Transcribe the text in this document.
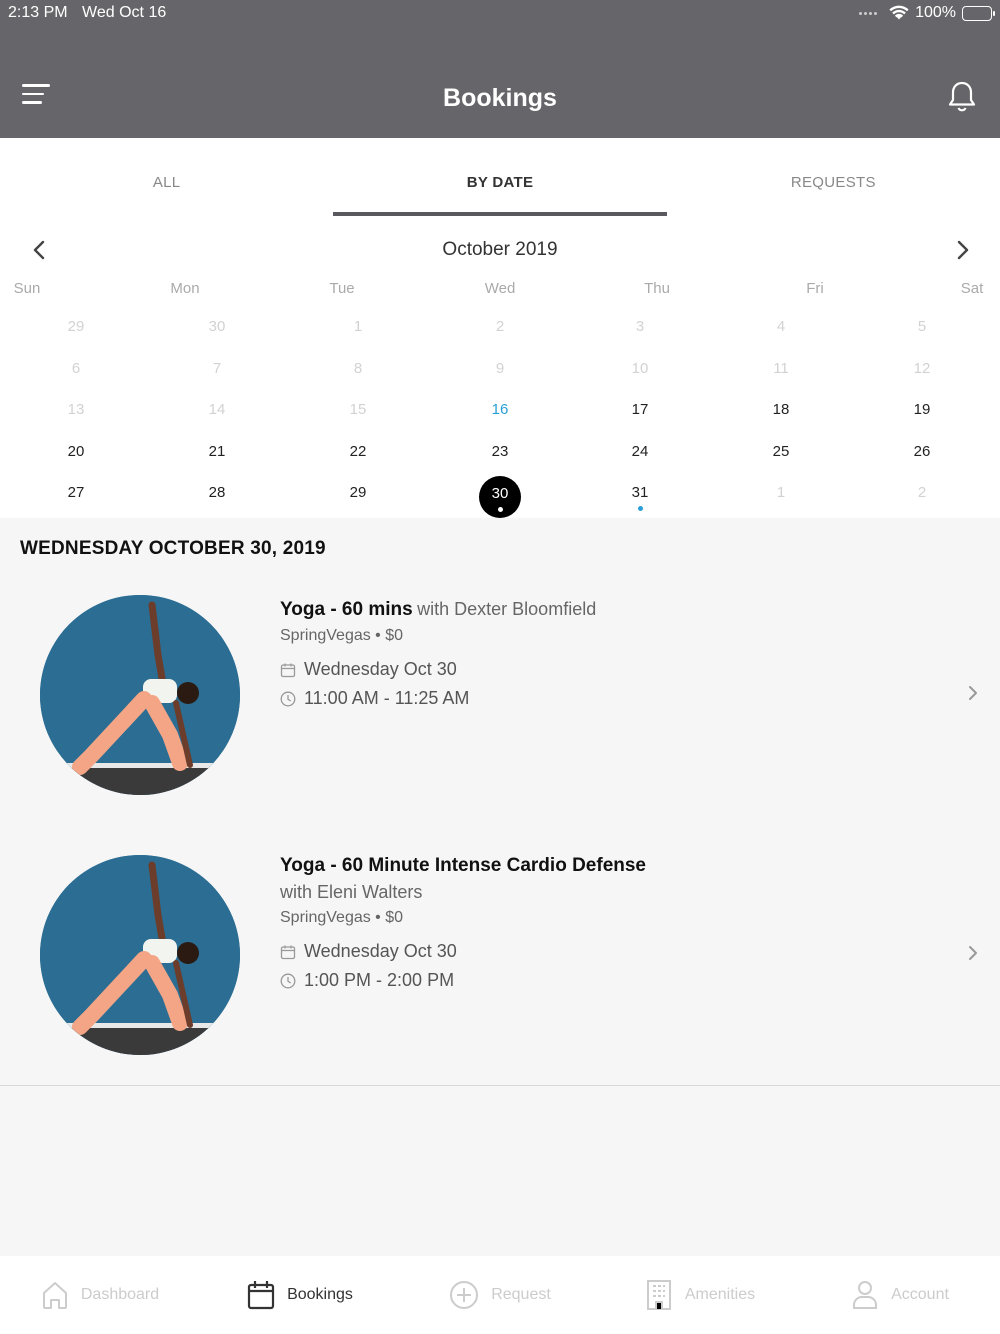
2:13 PM Wed Oct 16	100%
Bookings
ALL	BY DATE	REQUESTS
October 2019
Sun	Mon	Tue	Wed	Thu	Fri	Sat
29	30	1	2	3	4	5
6	7	8	9	10	11	12
13	14	15	16	17	18	19
20	21	22	23	24	25	26
27	28	29	30	31	1	2
WEDNESDAY OCTOBER 30, 2019
Yoga - 60 mins with Dexter Bloomfield
SpringVegas • $0
Wednesday Oct 30
11:00 AM - 11:25 AM
Yoga - 60 Minute Intense Cardio Defense
with Eleni Walters
SpringVegas • $0
Wednesday Oct 30
1:00 PM - 2:00 PM
Dashboard	Bookings	Request	Amenities	Account
